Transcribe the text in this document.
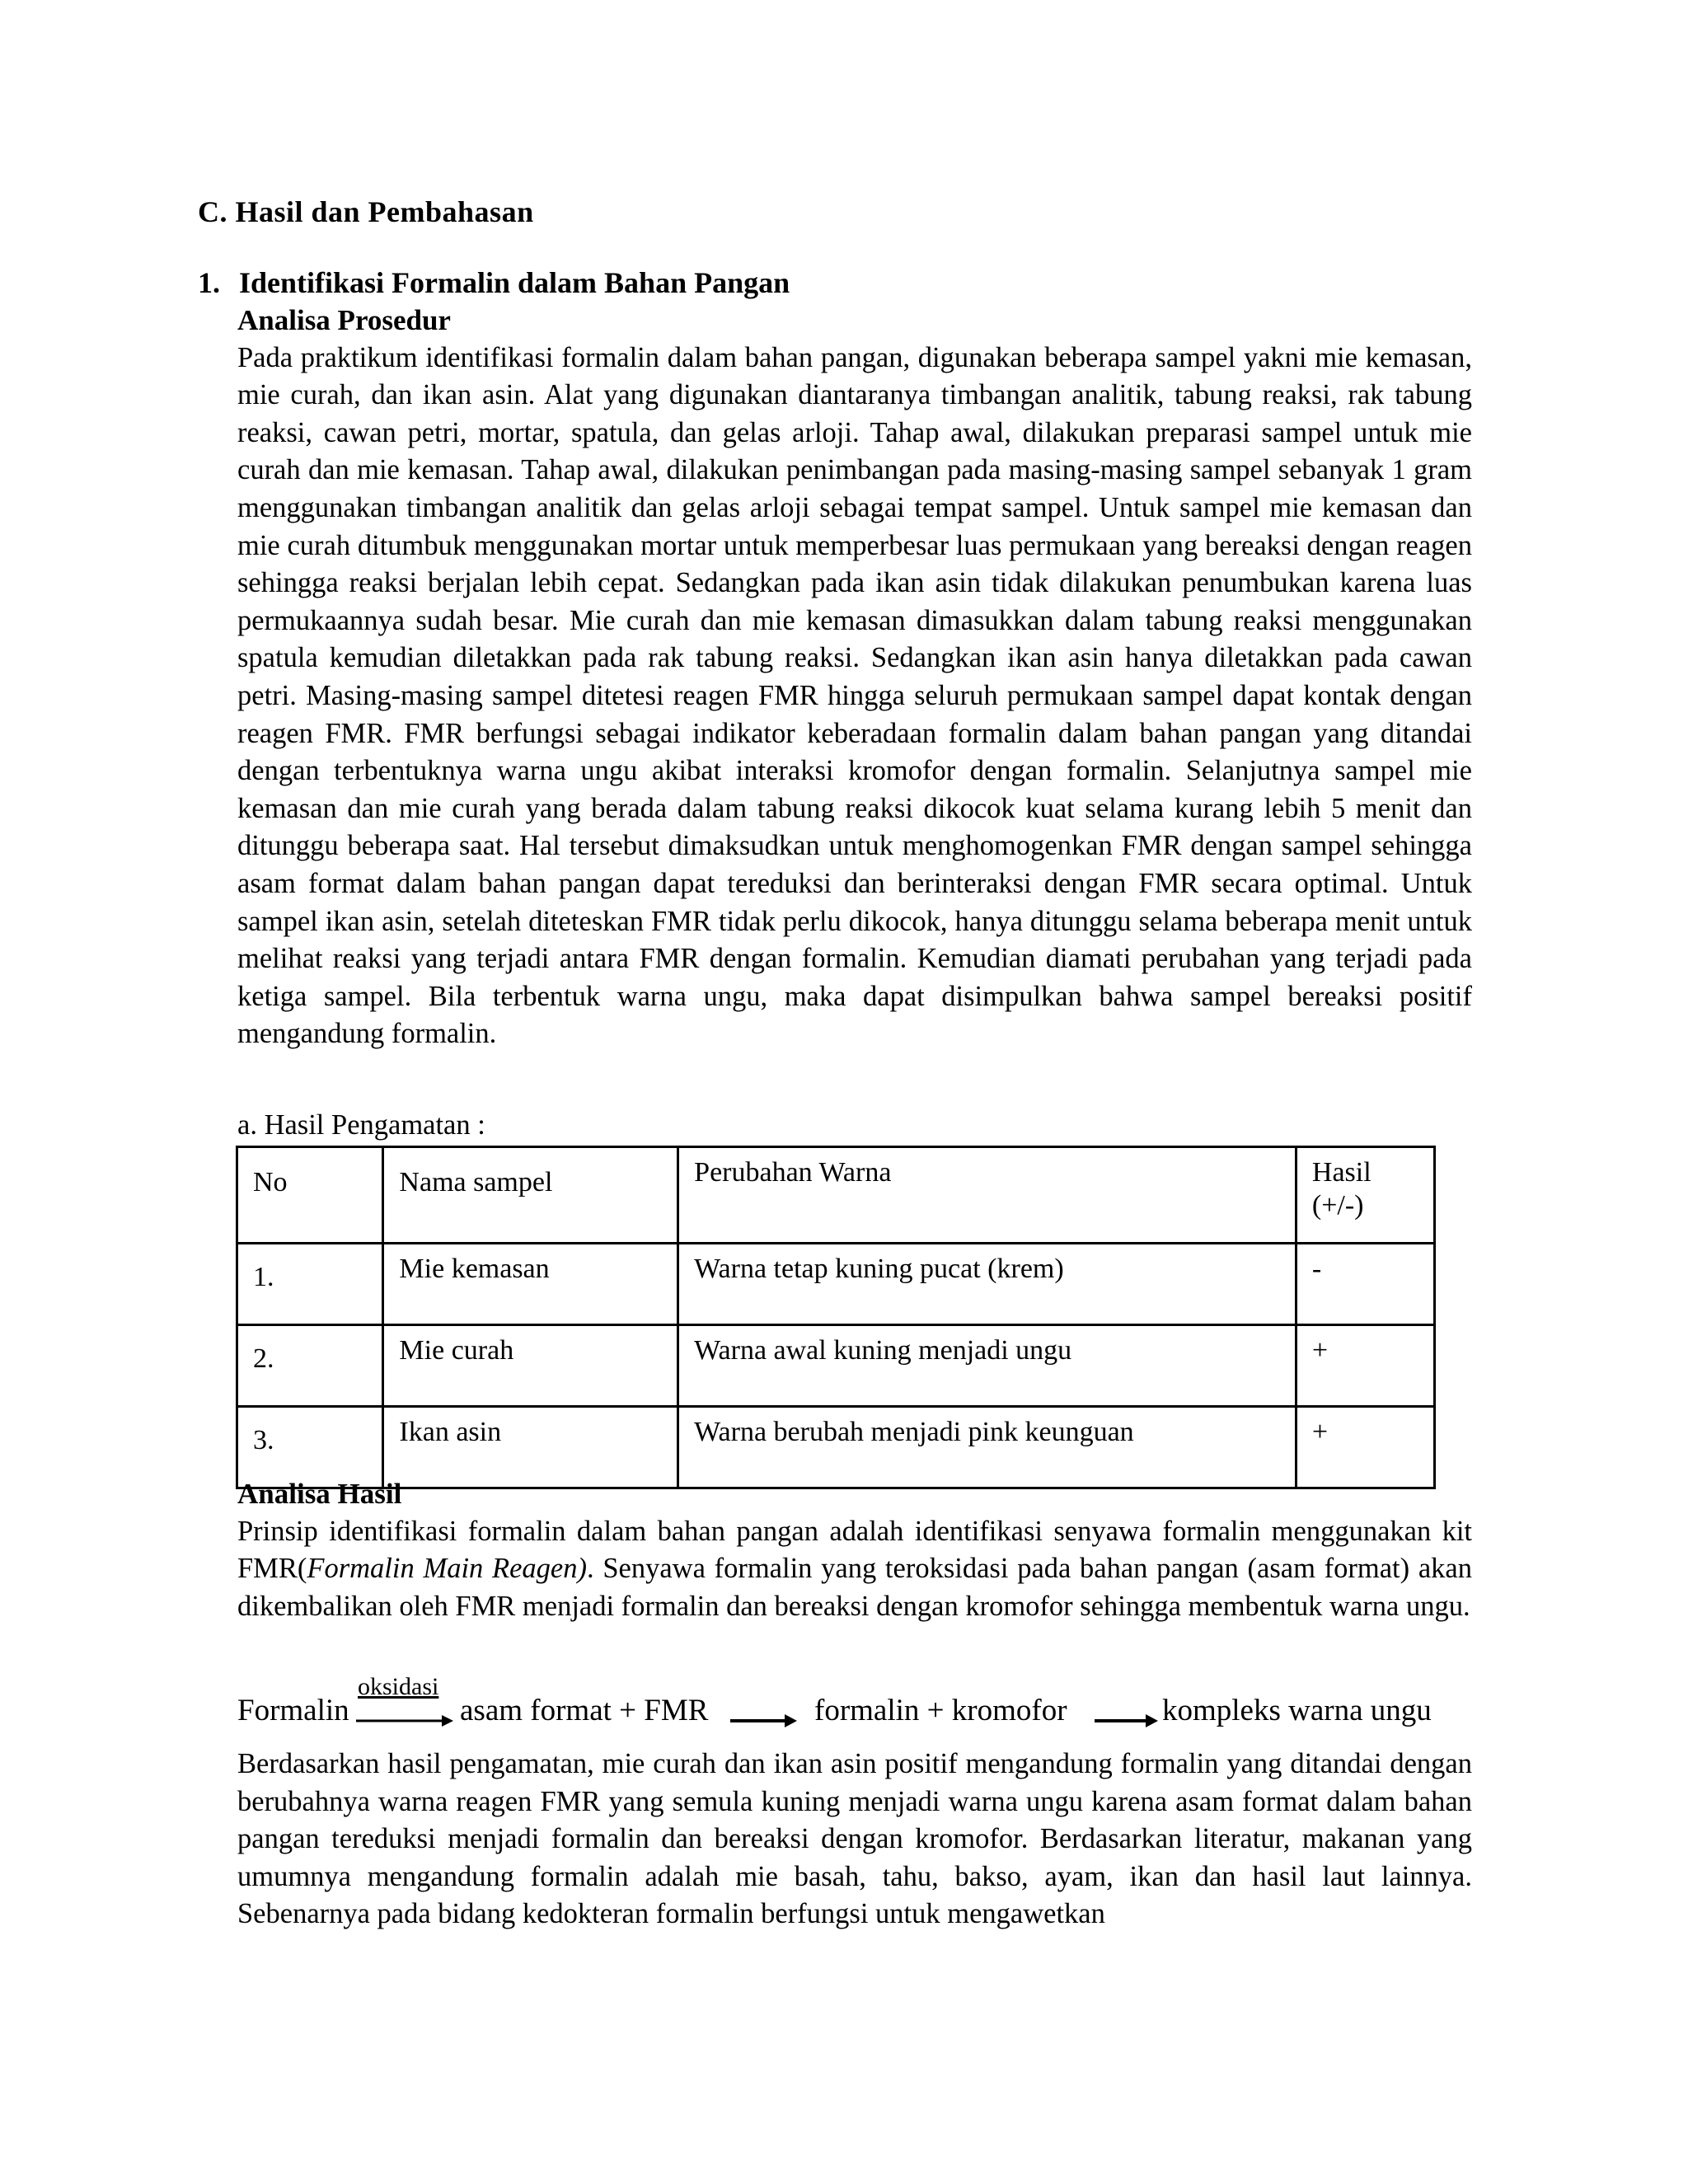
C. Hasil dan Pembahasan
1. Identifikasi Formalin dalam Bahan Pangan
Analisa Prosedur
Pada praktikum identifikasi formalin dalam bahan pangan, digunakan beberapa sampel yakni mie kemasan, mie curah, dan ikan asin. Alat yang digunakan diantaranya timbangan analitik, tabung reaksi, rak tabung reaksi, cawan petri, mortar, spatula, dan gelas arloji. Tahap awal, dilakukan preparasi sampel untuk mie curah dan mie kemasan. Tahap awal, dilakukan penimbangan pada masing-masing sampel sebanyak 1 gram menggunakan timbangan analitik dan gelas arloji sebagai tempat sampel. Untuk sampel mie kemasan dan mie curah ditumbuk menggunakan mortar untuk memperbesar luas permukaan yang bereaksi dengan reagen sehingga reaksi berjalan lebih cepat. Sedangkan pada ikan asin tidak dilakukan penumbukan karena luas permukaannya sudah besar. Mie curah dan mie kemasan dimasukkan dalam tabung reaksi menggunakan spatula kemudian diletakkan pada rak tabung reaksi. Sedangkan ikan asin hanya diletakkan pada cawan petri. Masing-masing sampel ditetesi reagen FMR hingga seluruh permukaan sampel dapat kontak dengan reagen FMR. FMR berfungsi sebagai indikator keberadaan formalin dalam bahan pangan yang ditandai dengan terbentuknya warna ungu akibat interaksi kromofor dengan formalin. Selanjutnya sampel mie kemasan dan mie curah yang berada dalam tabung reaksi dikocok kuat selama kurang lebih 5 menit dan ditunggu beberapa saat. Hal tersebut dimaksudkan untuk menghomogenkan FMR dengan sampel sehingga asam format dalam bahan pangan dapat tereduksi dan berinteraksi dengan FMR secara optimal. Untuk sampel ikan asin, setelah diteteskan FMR tidak perlu dikocok, hanya ditunggu selama beberapa menit untuk melihat reaksi yang terjadi antara FMR dengan formalin. Kemudian diamati perubahan yang terjadi pada ketiga sampel. Bila terbentuk warna ungu, maka dapat disimpulkan bahwa sampel bereaksi positif mengandung formalin.
a. Hasil Pengamatan :
No	Nama sampel	Perubahan Warna	Hasil (+/-)
1.	Mie kemasan	Warna tetap kuning pucat (krem)	-
2.	Mie curah	Warna awal kuning menjadi ungu	+
3.	Ikan asin	Warna berubah menjadi pink keunguan	+
Analisa Hasil
Prinsip identifikasi formalin dalam bahan pangan adalah identifikasi senyawa formalin menggunakan kit FMR(Formalin Main Reagen). Senyawa formalin yang teroksidasi pada bahan pangan (asam format) akan dikembalikan oleh FMR menjadi formalin dan bereaksi dengan kromofor sehingga membentuk warna ungu.
Formalin
oksidasi
→ asam format + FMR → formalin + kromofor → kompleks warna ungu
Berdasarkan hasil pengamatan, mie curah dan ikan asin positif mengandung formalin yang ditandai dengan berubahnya warna reagen FMR yang semula kuning menjadi warna ungu karena asam format dalam bahan pangan tereduksi menjadi formalin dan bereaksi dengan kromofor. Berdasarkan literatur, makanan yang umumnya mengandung formalin adalah mie basah, tahu, bakso, ayam, ikan dan hasil laut lainnya. Sebenarnya pada bidang kedokteran formalin berfungsi untuk mengawetkan
